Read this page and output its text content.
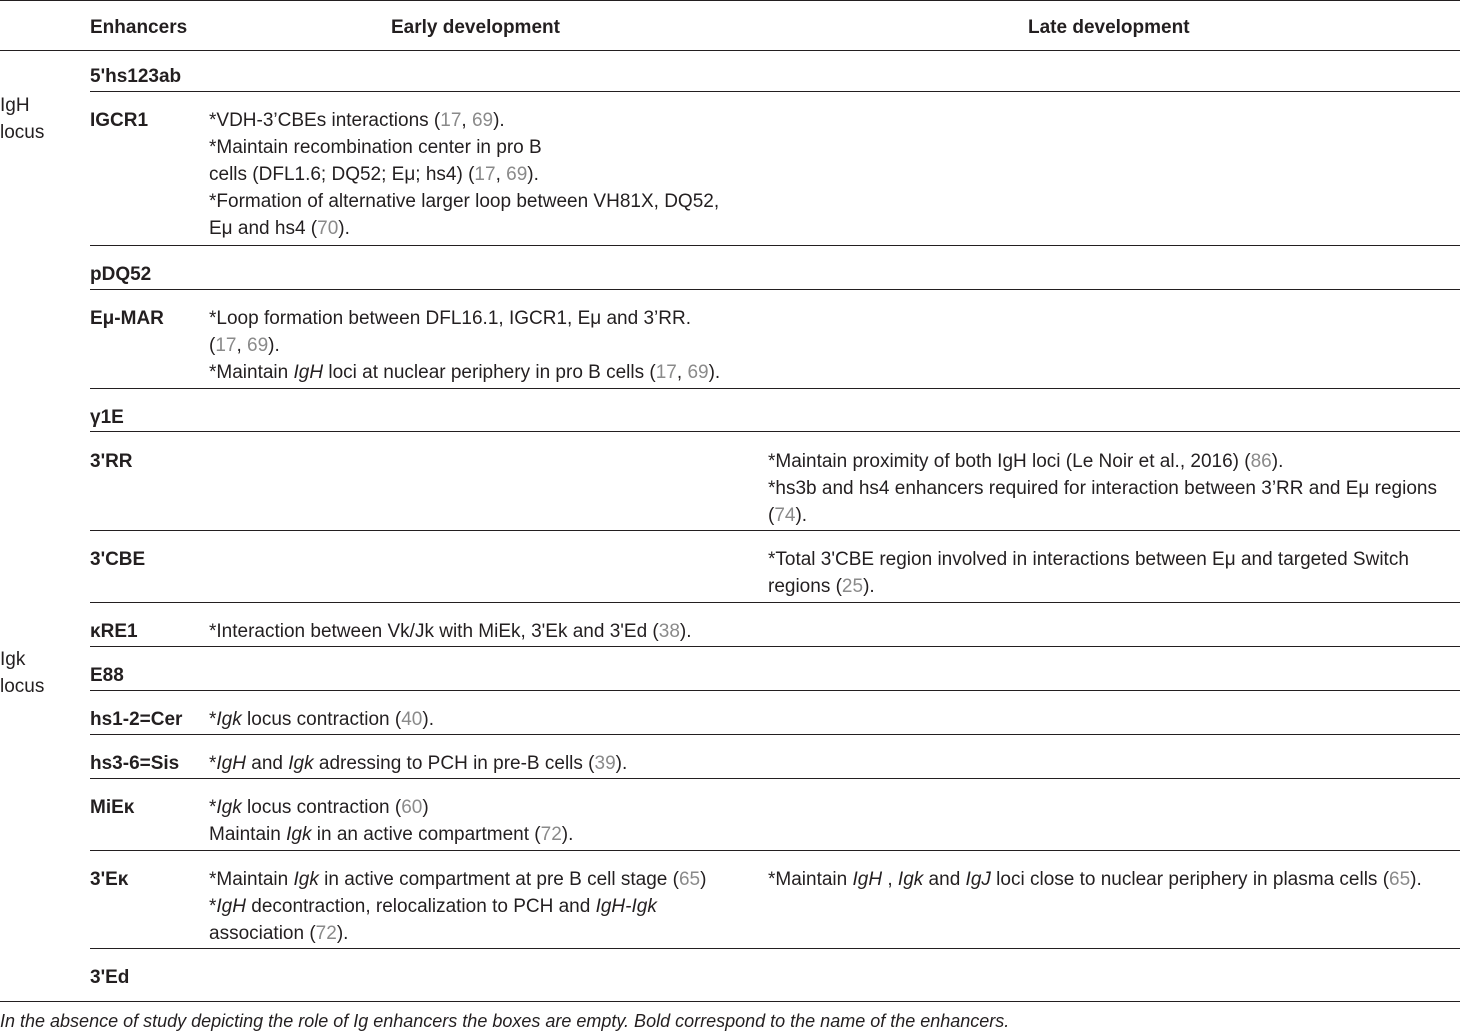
Enhancers	Early development	Late development
IgH
locus
Igk
locus
5'hs123ab
IGCR1
pDQ52
Eμ-MAR
γ1E
3'RR
3'CBE
κRE1
E88
hs1-2=Cer
hs3-6=Sis
MiEκ
3'Eκ
3'Ed
*VDH-3’CBEs interactions (17, 69).
*Maintain recombination center in pro B
cells (DFL1.6; DQ52; Eμ; hs4) (17, 69).
*Formation of alternative larger loop between VH81X, DQ52,
Eμ and hs4 (70).
*Loop formation between DFL16.1, IGCR1, Eμ and 3’RR.
(17, 69).
*Maintain IgH loci at nuclear periphery in pro B cells (17, 69).
*Interaction between Vk/Jk with MiEk, 3'Ek and 3'Ed (38).
*Igk locus contraction (40).
*IgH and Igk adressing to PCH in pre-B cells (39).
*Igk locus contraction (60)
Maintain Igk in an active compartment (72).
*Maintain Igk in active compartment at pre B cell stage (65)
*IgH decontraction, relocalization to PCH and IgH-Igk
association (72).
*Maintain proximity of both IgH loci (Le Noir et al., 2016) (86).
*hs3b and hs4 enhancers required for interaction between 3’RR and Eμ regions
(74).
*Total 3'CBE region involved in interactions between Eμ and targeted Switch
regions (25).
*Maintain IgH , Igk and IgJ loci close to nuclear periphery in plasma cells (65).
In the absence of study depicting the role of Ig enhancers the boxes are empty. Bold correspond to the name of the enhancers.
